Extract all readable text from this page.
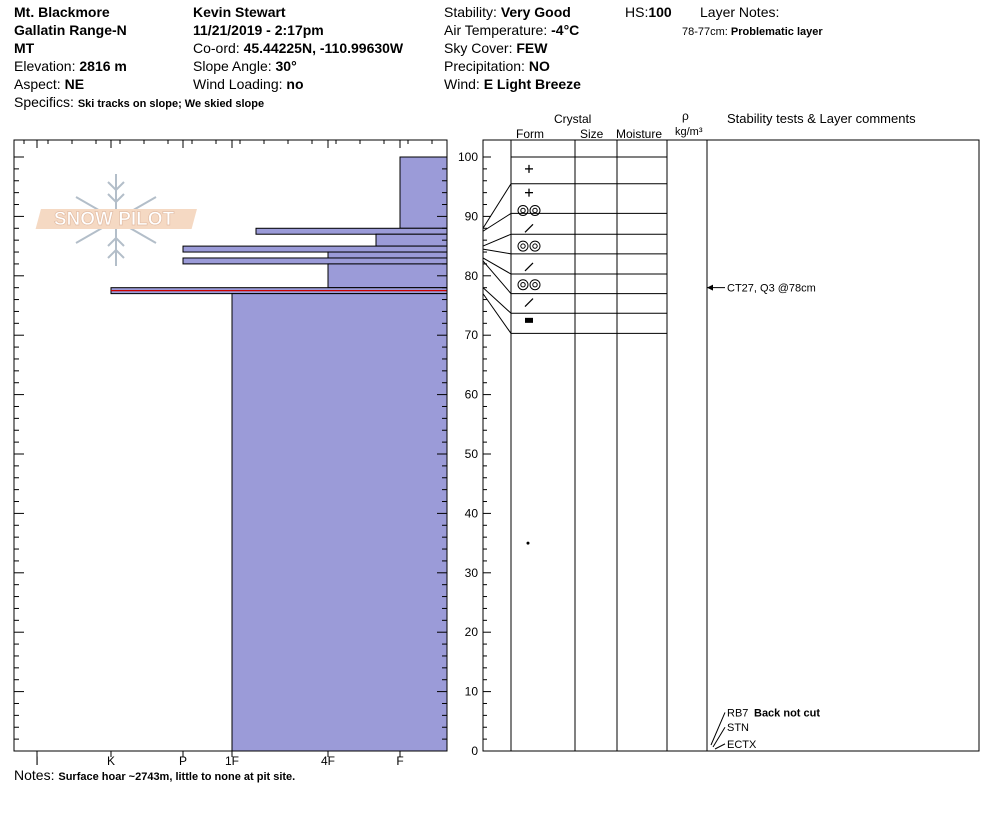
Mt. Blackmore
Gallatin Range-N
MT
Elevation: 2816 m
Aspect: NE
Specifics: Ski tracks on slope; We skied slope
Kevin Stewart
11/21/2019 - 2:17pm
Co-ord: 45.44225N, -110.99630W
Slope Angle: 30°
Wind Loading: no
Stability: Very Good
Air Temperature: -4°C
Sky Cover: FEW
Precipitation: NO
Wind: E Light Breeze
HS:100 Layer Notes:
78-77cm: Problematic layer
Crystal
Form	Size Moisture
ρ
kg/m³
Stability tests & Layer comments
Notes: Surface hoar ~2743m, little to none at pit site.
SNOW PILOT
I	K	P	1F	4F	F
0
10
20
30
40
50
60
70
80
90
100
CT27, Q3 @78cm
RB7 Back not cut
STN
ECTX
